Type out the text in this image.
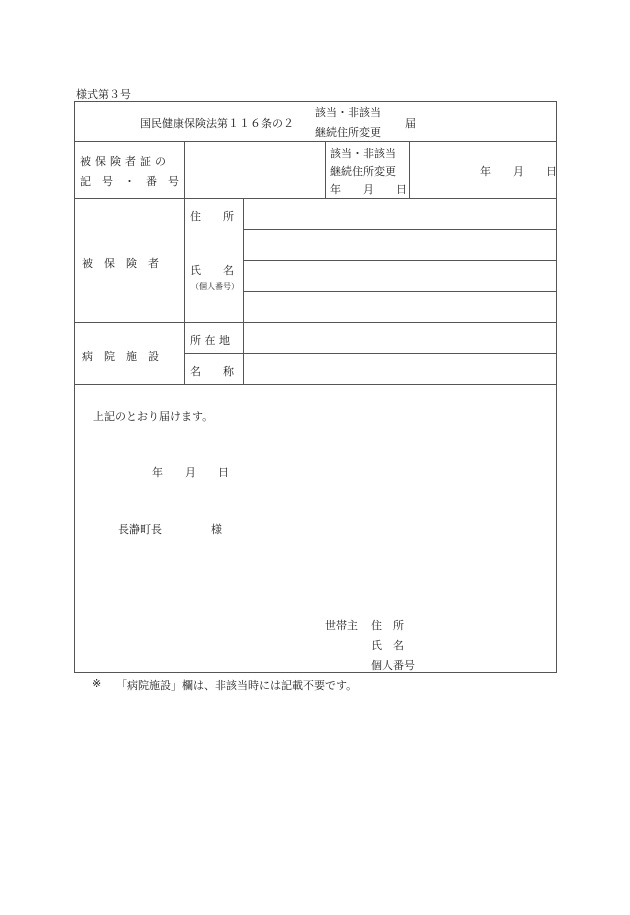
様式第３号
国民健康保険法第１１６条の２
該当・非該当
継続住所変更
届
被保険者証の
記　号　・　番　号
該当・非該当
継続住所変更
年　　月　　日
年　　月　　日
被　保　険　者
住　　所
氏　　名
（個人番号）
病　院　施　設
所 在 地
名　　称
上記のとおり届けます。
年　　月　　日
長瀞町長	様
世帯主 住　所
氏　名
個人番号
※ 「病院施設」欄は、非該当時には記載不要です。
